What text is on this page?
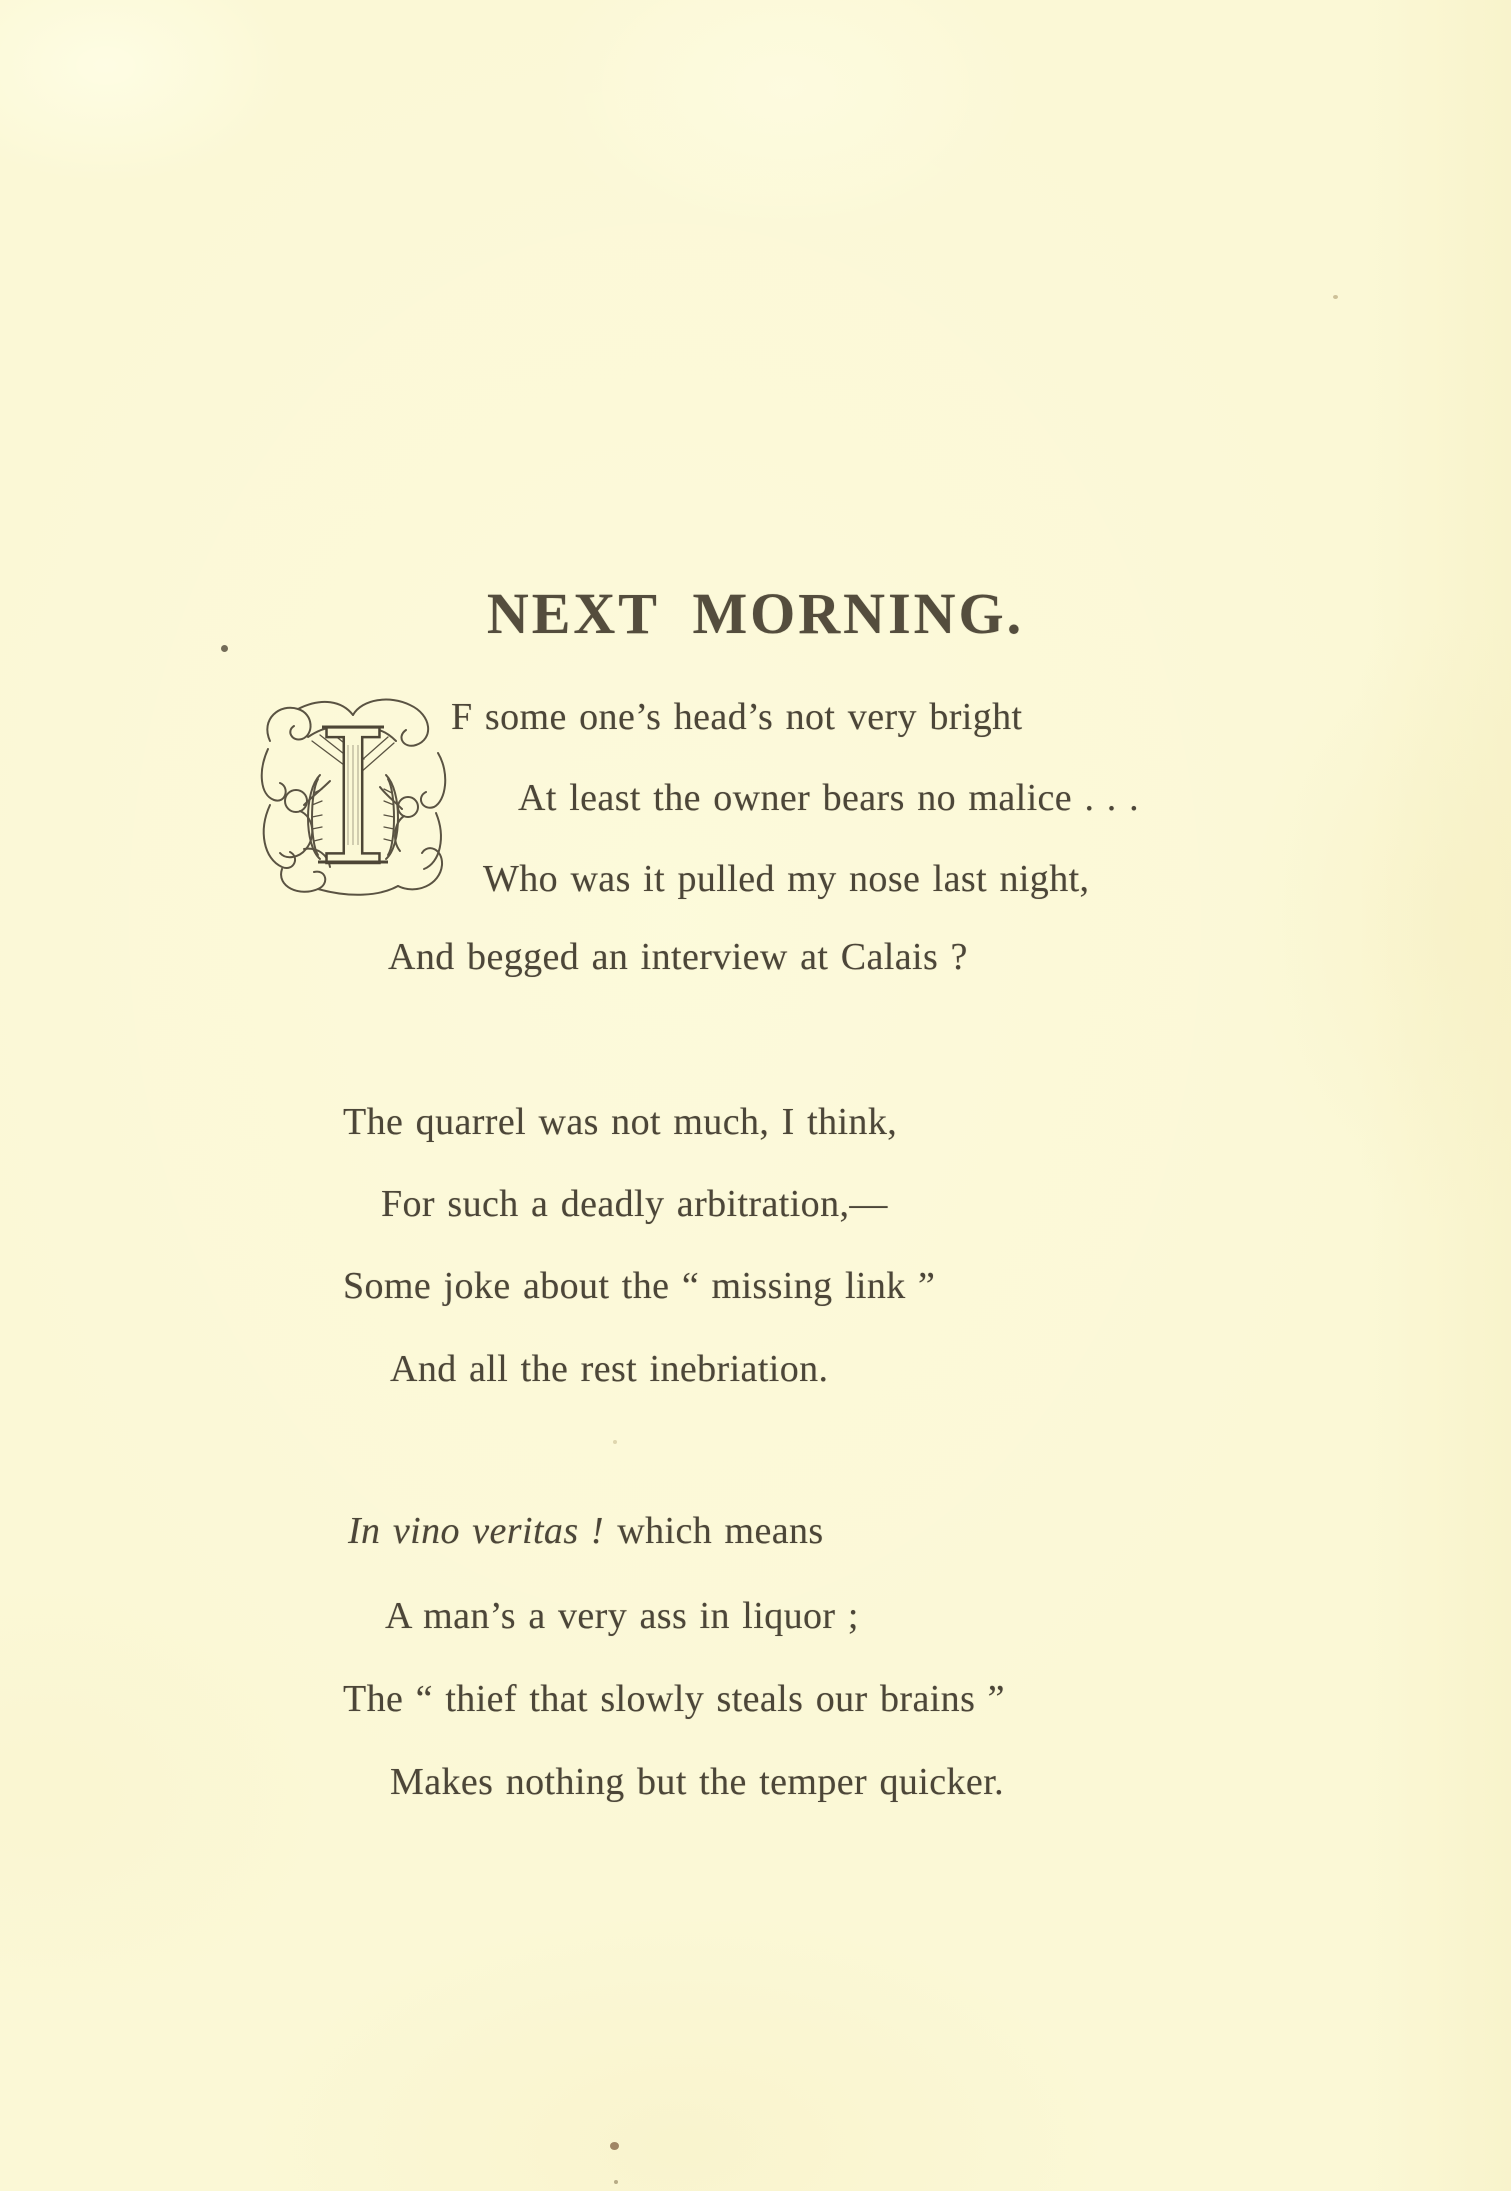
NEXT MORNING.
I F some one’s head’s not very bright
At least the owner bears no malice . . .
Who was it pulled my nose last night,
And begged an interview at Calais ?
The quarrel was not much, I think,
For such a deadly arbitration,—
Some joke about the “ missing link ”
And all the rest inebriation.
In vino veritas ! which means
A man’s a very ass in liquor ;
The “ thief that slowly steals our brains ”
Makes nothing but the temper quicker.
